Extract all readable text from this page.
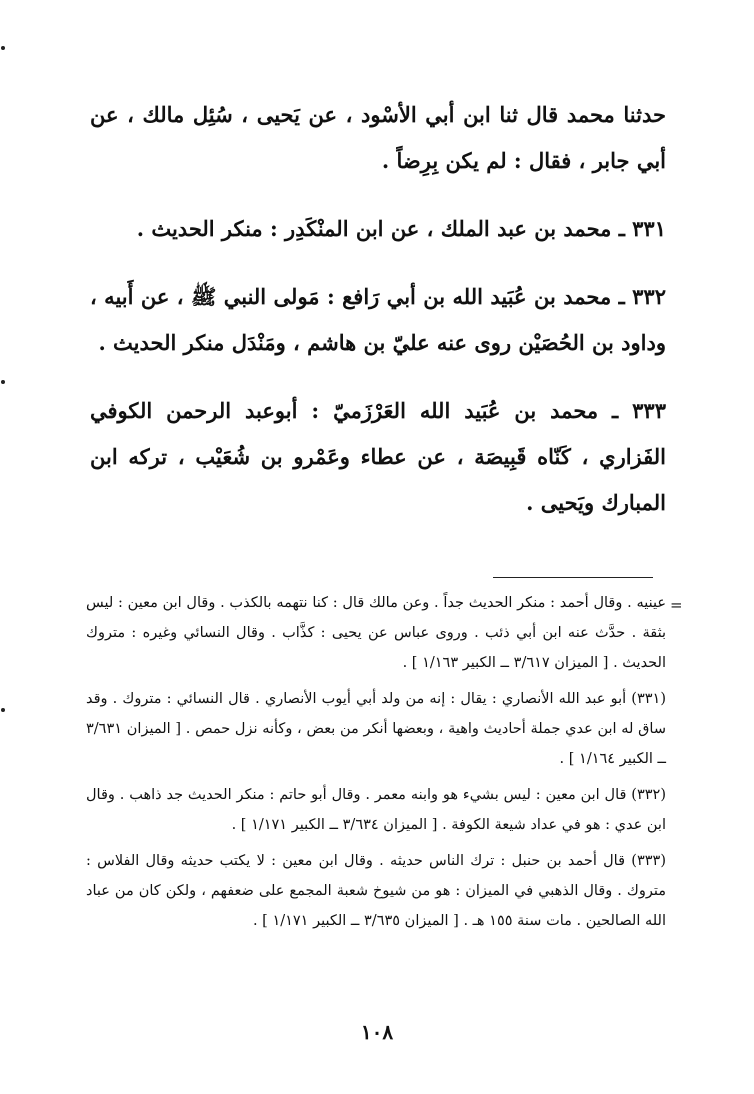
حدثنا محمد قال ثنا ابن أبي الأسْود ، عن يَحيى ، سُئِل مالك ، عن أبي جابر ، فقال : لم يكن بِرِضاً .

٣٣١ ـ محمد بن عبد الملك ، عن ابن المنْكَدِر : منكر الحديث .

٣٣٢ ـ محمد بن عُبَيد الله بن أبي رَافع : مَولى النبي ﷺ ، عن أَبيه ، وداود بن الحُصَيْن روى عنه عليّ بن هاشم ، ومَنْدَل منكر الحديث .

٣٣٣ ـ محمد بن عُبَيد الله العَرْزَميّ : أبوعبد الرحمن الكوفي الفَزاري ، كَنّاه قَبِيصَة ، عن عطاء وعَمْرو بن شُعَيْب ، تركه ابن المبارك ويَحيى .

عينيه . وقال أحمد : منكر الحديث جداً . وعن مالك قال : كنا نتهمه بالكذب . وقال ابن معين : ليس بثقة . حدَّث عنه ابن أبي ذئب . وروى عباس عن يحيى : كذَّاب . وقال النسائي وغيره : متروك الحديث . [ الميزان ٣/٦١٧ ــ الكبير ١/١٦٣ ] .

(٣٣١) أبو عبد الله الأنصاري : يقال : إنه من ولد أبي أيوب الأنصاري . قال النسائي : متروك . وقد ساق له ابن عدي جملة أحاديث واهية ، وبعضها أنكر من بعض ، وكأنه نزل حمص . [ الميزان ٣/٦٣١ ــ الكبير ١/١٦٤ ] .

(٣٣٢) قال ابن معين : ليس بشيء هو وابنه معمر . وقال أبو حاتم : منكر الحديث جد ذاهب . وقال ابن عدي : هو في عداد شيعة الكوفة . [ الميزان ٣/٦٣٤ ــ الكبير ١/١٧١ ] .

(٣٣٣) قال أحمد بن حنبل : ترك الناس حديثه . وقال ابن معين : لا يكتب حديثه وقال الفلاس : متروك . وقال الذهبي في الميزان : هو من شيوخ شعبة المجمع على ضعفهم ، ولكن كان من عباد الله الصالحين . مات سنة ١٥٥ هـ . [ الميزان ٣/٦٣٥ ــ الكبير ١/١٧١ ] .

=
١٠٨
